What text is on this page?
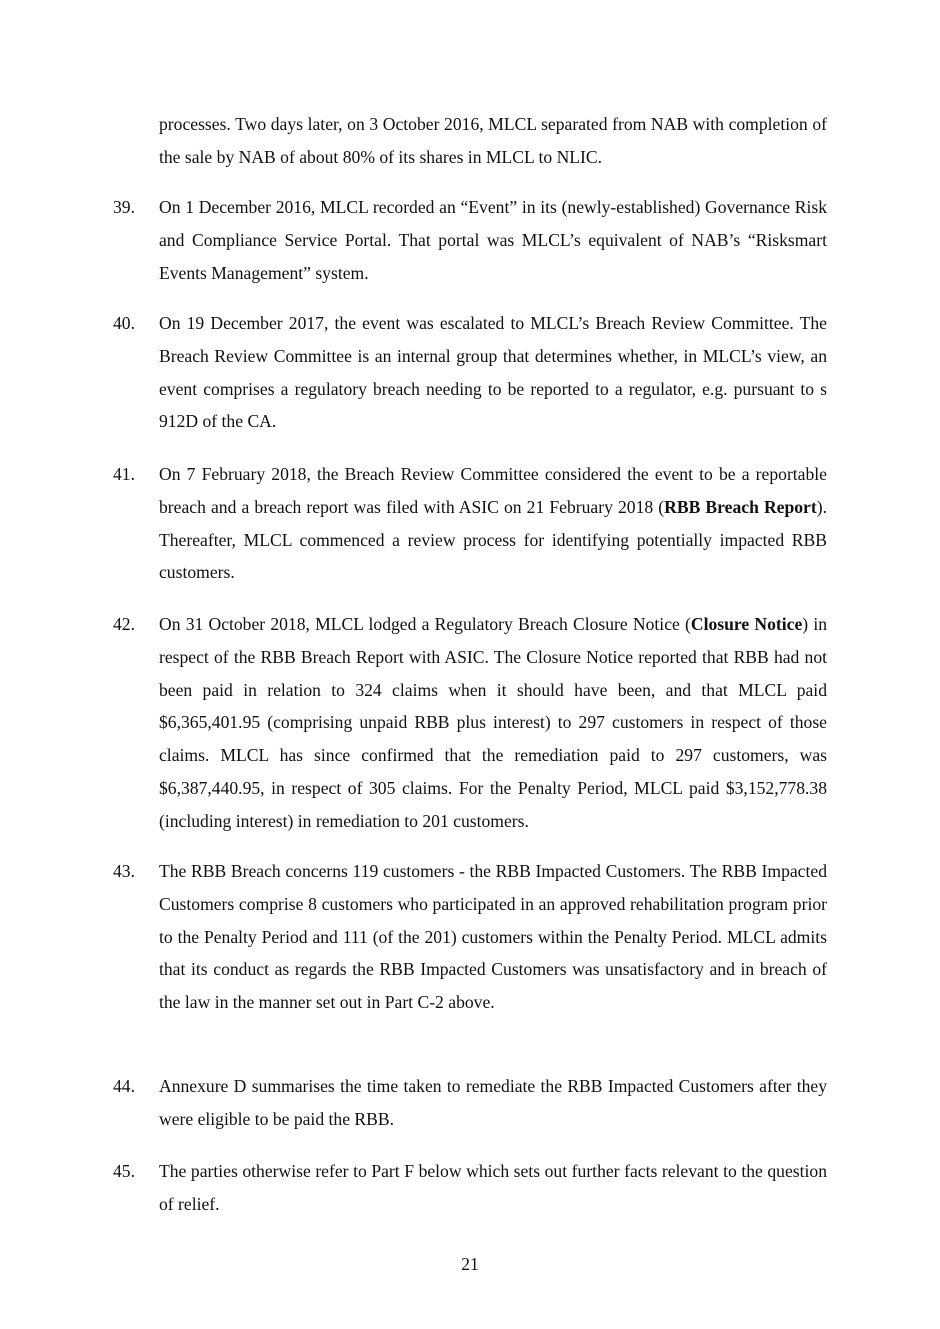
processes. Two days later, on 3 October 2016, MLCL separated from NAB with completion of the sale by NAB of about 80% of its shares in MLCL to NLIC.
39.	On 1 December 2016, MLCL recorded an “Event” in its (newly-established) Governance Risk and Compliance Service Portal. That portal was MLCL’s equivalent of NAB’s “Risksmart Events Management” system.
40.	On 19 December 2017, the event was escalated to MLCL’s Breach Review Committee. The Breach Review Committee is an internal group that determines whether, in MLCL’s view, an event comprises a regulatory breach needing to be reported to a regulator, e.g. pursuant to s 912D of the CA.
41.	On 7 February 2018, the Breach Review Committee considered the event to be a reportable breach and a breach report was filed with ASIC on 21 February 2018 (RBB Breach Report). Thereafter, MLCL commenced a review process for identifying potentially impacted RBB customers.
42.	On 31 October 2018, MLCL lodged a Regulatory Breach Closure Notice (Closure Notice) in respect of the RBB Breach Report with ASIC. The Closure Notice reported that RBB had not been paid in relation to 324 claims when it should have been, and that MLCL paid $6,365,401.95 (comprising unpaid RBB plus interest) to 297 customers in respect of those claims. MLCL has since confirmed that the remediation paid to 297 customers, was $6,387,440.95, in respect of 305 claims. For the Penalty Period, MLCL paid $3,152,778.38 (including interest) in remediation to 201 customers.
43.	The RBB Breach concerns 119 customers - the RBB Impacted Customers. The RBB Impacted Customers comprise 8 customers who participated in an approved rehabilitation program prior to the Penalty Period and 111 (of the 201) customers within the Penalty Period. MLCL admits that its conduct as regards the RBB Impacted Customers was unsatisfactory and in breach of the law in the manner set out in Part C-2 above.
44.	Annexure D summarises the time taken to remediate the RBB Impacted Customers after they were eligible to be paid the RBB.
45.	The parties otherwise refer to Part F below which sets out further facts relevant to the question of relief.
21
